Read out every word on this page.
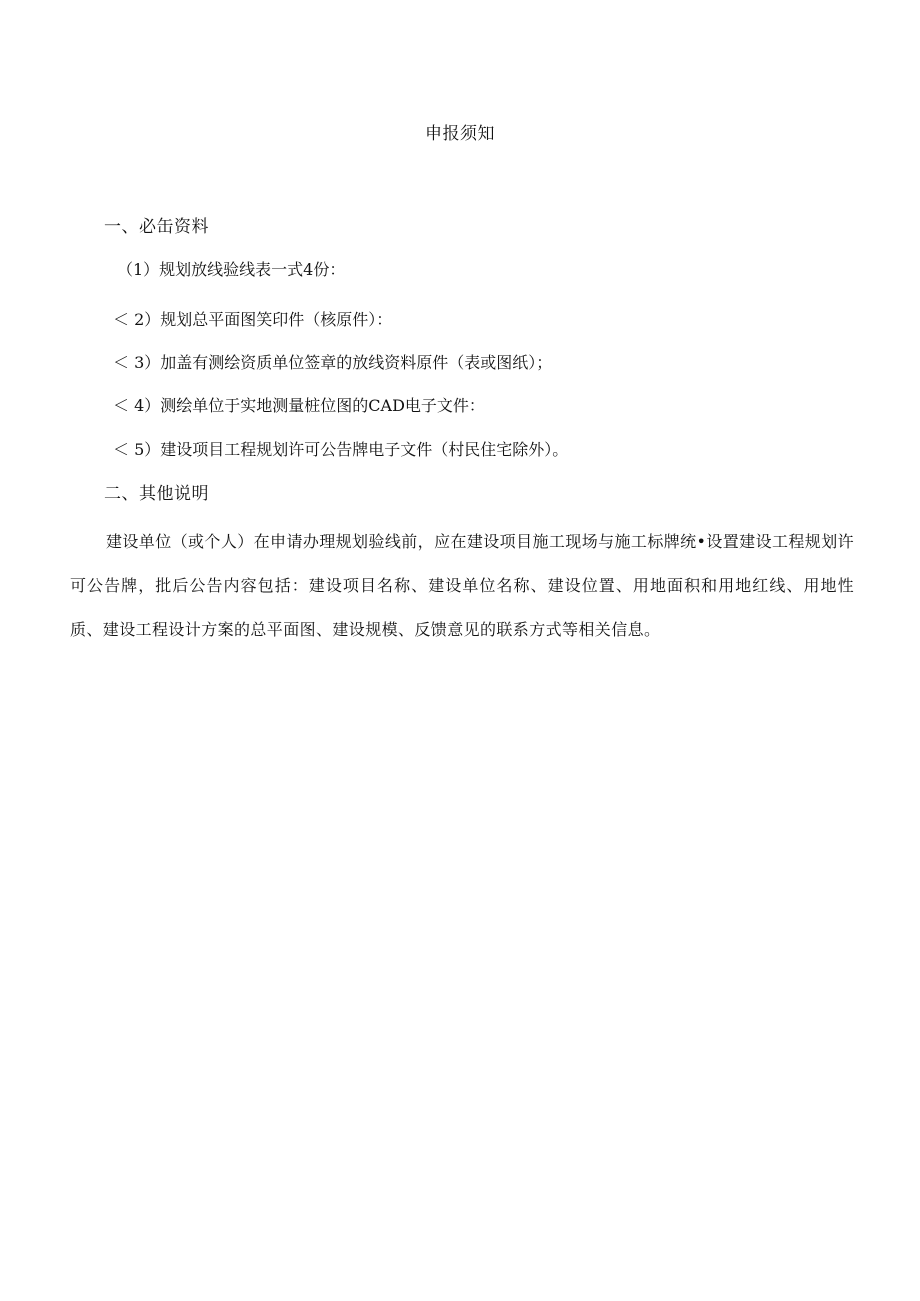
申报须知
一、必缶资料
（1）规划放线验线表一式4份：
＜ 2）规划总平面图笑印件（核原件）：
＜ 3）加盖有测绘资质单位签章的放线资料原件（表或图纸）；
＜ 4）测绘单位于实地测量桩位图的CAD电子文件：
＜ 5）建设项目工程规划许可公告牌电子文件（村民住宅除外）。
二、其他说明
建设单位（或个人）在申请办理规划验线前，应在建设项目施工现场与施工标牌统•设置建设工程规划许可公告牌，批后公告内容包括：建设项目名称、建设单位名称、建设位置、用地面积和用地红线、用地性质、建设工程设计方案的总平面图、建设规模、反馈意见的联系方式等相关信息。
